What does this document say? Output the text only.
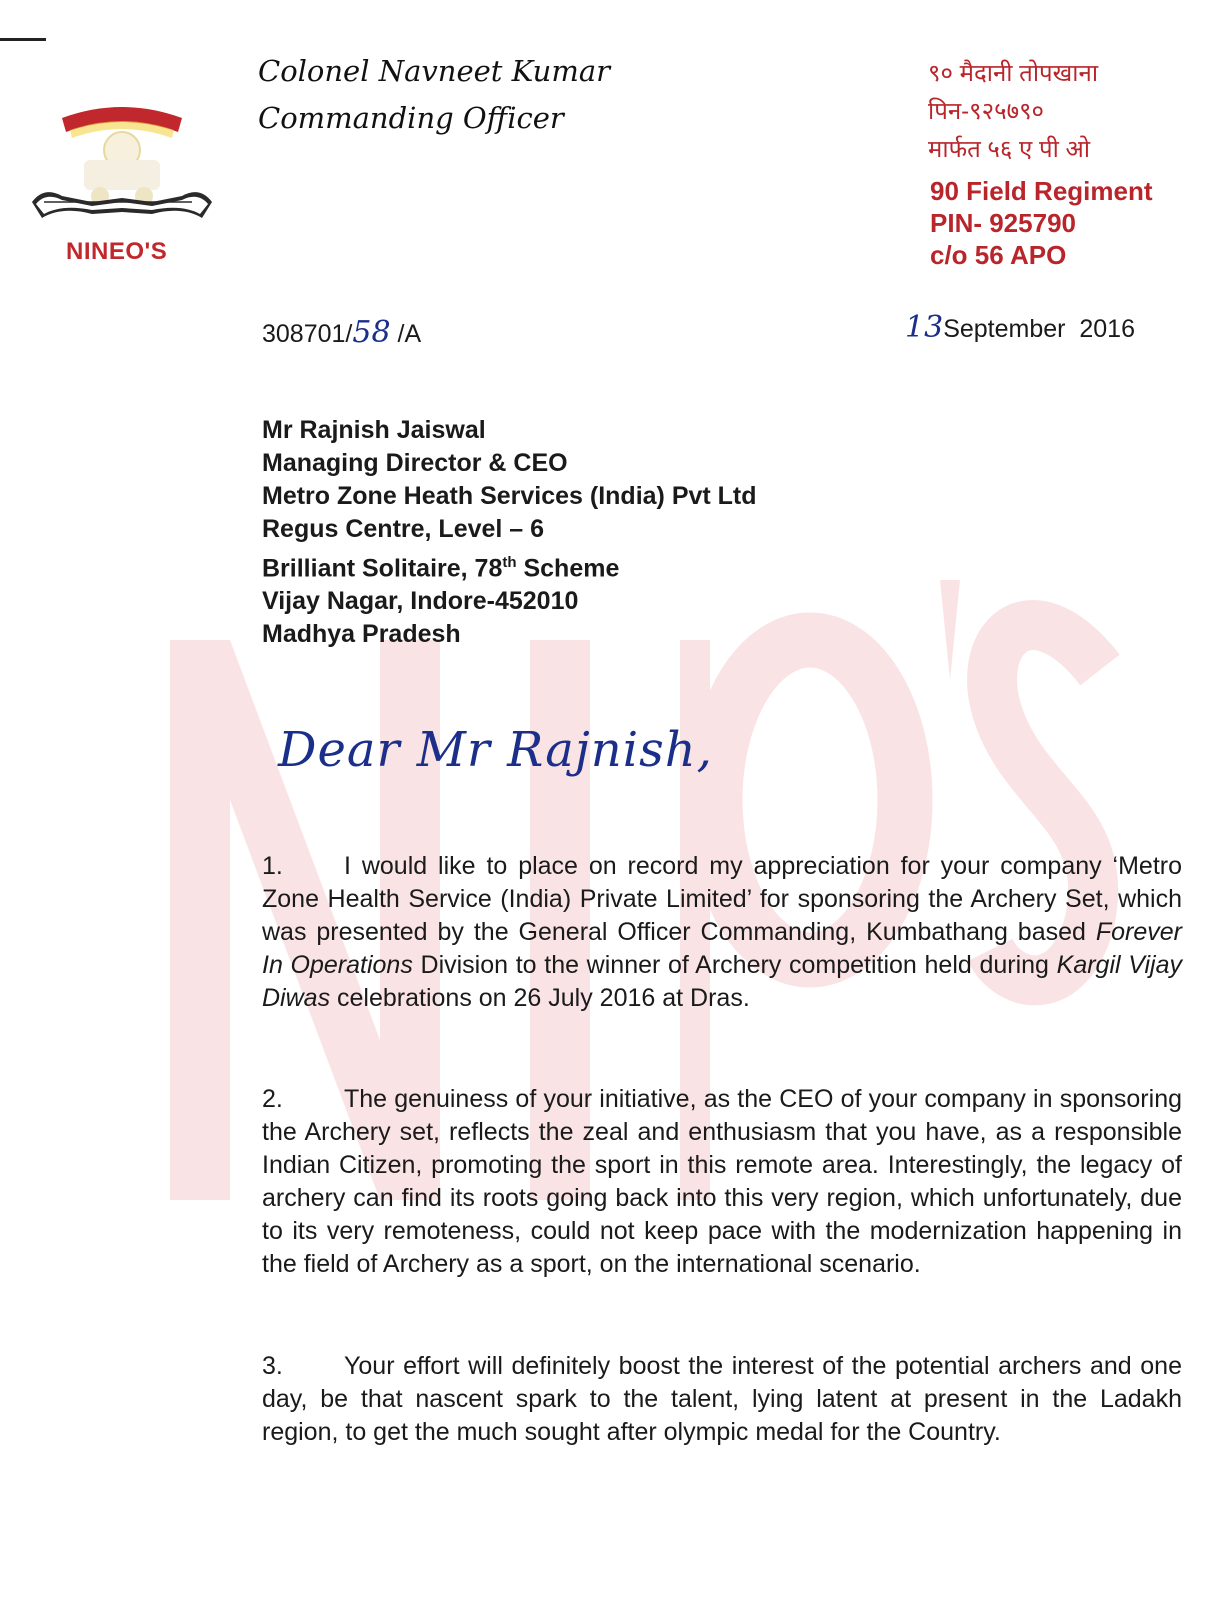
NINEO'S
Colonel Navneet Kumar
Commanding Officer
९० मैदानी तोपखाना
पिन-९२५७९०
मार्फत ५६ ए पी ओ
90 Field Regiment
PIN- 925790
c/o 56 APO
308701/58 /A	13September  2016
Mr Rajnish Jaiswal
Managing Director & CEO
Metro Zone Heath Services (India) Pvt Ltd
Regus Centre, Level – 6
Brilliant Solitaire, 78th Scheme
Vijay Nagar, Indore-452010
Madhya Pradesh
Dear Mr Rajnish,
1. I would like to place on record my appreciation for your company ‘Metro Zone Health Service (India) Private Limited’ for sponsoring the Archery Set, which was presented by the General Officer Commanding, Kumbathang based Forever In Operations Division to the winner of Archery competition held during Kargil Vijay Diwas celebrations on 26 July 2016 at Dras.
2. The genuiness of your initiative, as the CEO of your company in sponsoring the Archery set, reflects the zeal and enthusiasm that you have, as a responsible Indian Citizen, promoting the sport in this remote area. Interestingly, the legacy of archery can find its roots going back into this very region, which unfortunately, due to its very remoteness, could not keep pace with the modernization happening in the field of Archery as a sport, on the international scenario.
3. Your effort will definitely boost the interest of the potential archers and one day, be that nascent spark to the talent, lying latent at present in the Ladakh region, to get the much sought after olympic medal for the Country.
